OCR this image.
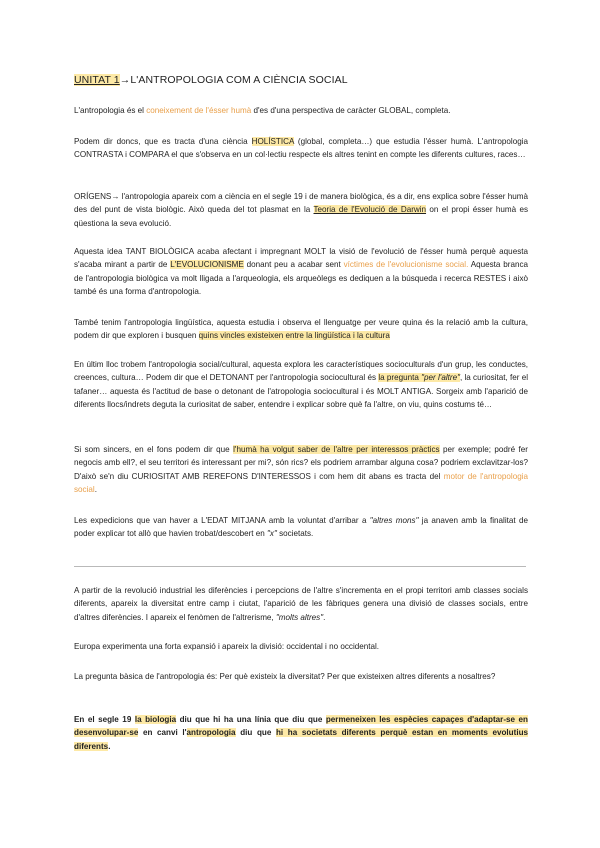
UNITAT 1→L'ANTROPOLOGIA COM A CIÈNCIA SOCIAL
L'antropologia és el coneixement de l'ésser humà d'es d'una perspectiva de caràcter GLOBAL, completa.
Podem dir doncs, que es tracta d'una ciència HOLÍSTICA (global, completa…) que estudia l'ésser humà. L'antropologia CONTRASTA i COMPARA el que s'observa en un col·lectiu respecte els altres tenint en compte les diferents cultures, races…
ORÍGENS→ l'antropologia apareix com a ciència en el segle 19 i de manera biològica, és a dir, ens explica sobre l'ésser humà des del punt de vista biològic. Això queda del tot plasmat en la Teoria de l'Evolució de Darwin on el propi ésser humà es qüestiona la seva evolució.
Aquesta idea TANT BIOLÒGICA acaba afectant i impregnant MOLT la visió de l'evolució de l'ésser humà perquè aquesta s'acaba mirant a partir de L'EVOLUCIONISME donant peu a acabar sent víctimes de l'evolucionisme social. Aquesta branca de l'antropologia biològica va molt lligada a l'arqueologia, els arqueòlegs es dediquen a la búsqueda i recerca RESTES i això també és una forma d'antropologia.
També tenim l'antropologia lingüística, aquesta estudia i observa el llenguatge per veure quina és la relació amb la cultura, podem dir que exploren i busquen quins vincles existeixen entre la lingüística i la cultura
En últim lloc trobem l'antropologia social/cultural, aquesta explora les característiques socioculturals d'un grup, les conductes, creences, cultura… Podem dir que el DETONANT per l'antropologia sociocultural és la pregunta "per l'altre", la curiositat, fer el tafaner… aquesta és l'actitud de base o detonant de l'atropologia sociocultural i és MOLT ANTIGA. Sorgeix amb l'aparició de diferents llocs/indrets deguta la curiositat de saber, entendre i explicar sobre què fa l'altre, on viu, quins costums té…
Si som sincers, en el fons podem dir que l'humà ha volgut saber de l'altre per interessos pràctics per exemple; podré fer negocis amb ell?, el seu territori és interessant per mi?, són rics? els podriem arrambar alguna cosa? podriem exclavitzar-los? D'això se'n diu CURIOSITAT AMB REREFONS D'INTERESSOS i com hem dit abans es tracta del motor de l'antropologia social.
Les expedicions que van haver a L'EDAT MITJANA amb la voluntat d'arribar a "altres mons" ja anaven amb la finalitat de poder explicar tot allò que havien trobat/descobert en "x" societats.
A partir de la revolució industrial les diferències i percepcions de l'altre s'incrementa en el propi territori amb classes socials diferents, apareix la diversitat entre camp i ciutat, l'aparició de les fàbriques genera una divisió de classes socials, entre d'altres diferències. I apareix el fenòmen de l'altrerisme, "molts altres".
Europa experimenta una forta expansió i apareix la divisió: occidental i no occidental.
La pregunta bàsica de l'antropologia és: Per què existeix la diversitat? Per que existeixen altres diferents a nosaltres?
En el segle 19 la biologia diu que hi ha una línia que diu que permeneixen les espècies capaçes d'adaptar-se en desenvolupar-se en canvi l'antropologia diu que hi ha societats diferents perquè estan en moments evolutius diferents.
